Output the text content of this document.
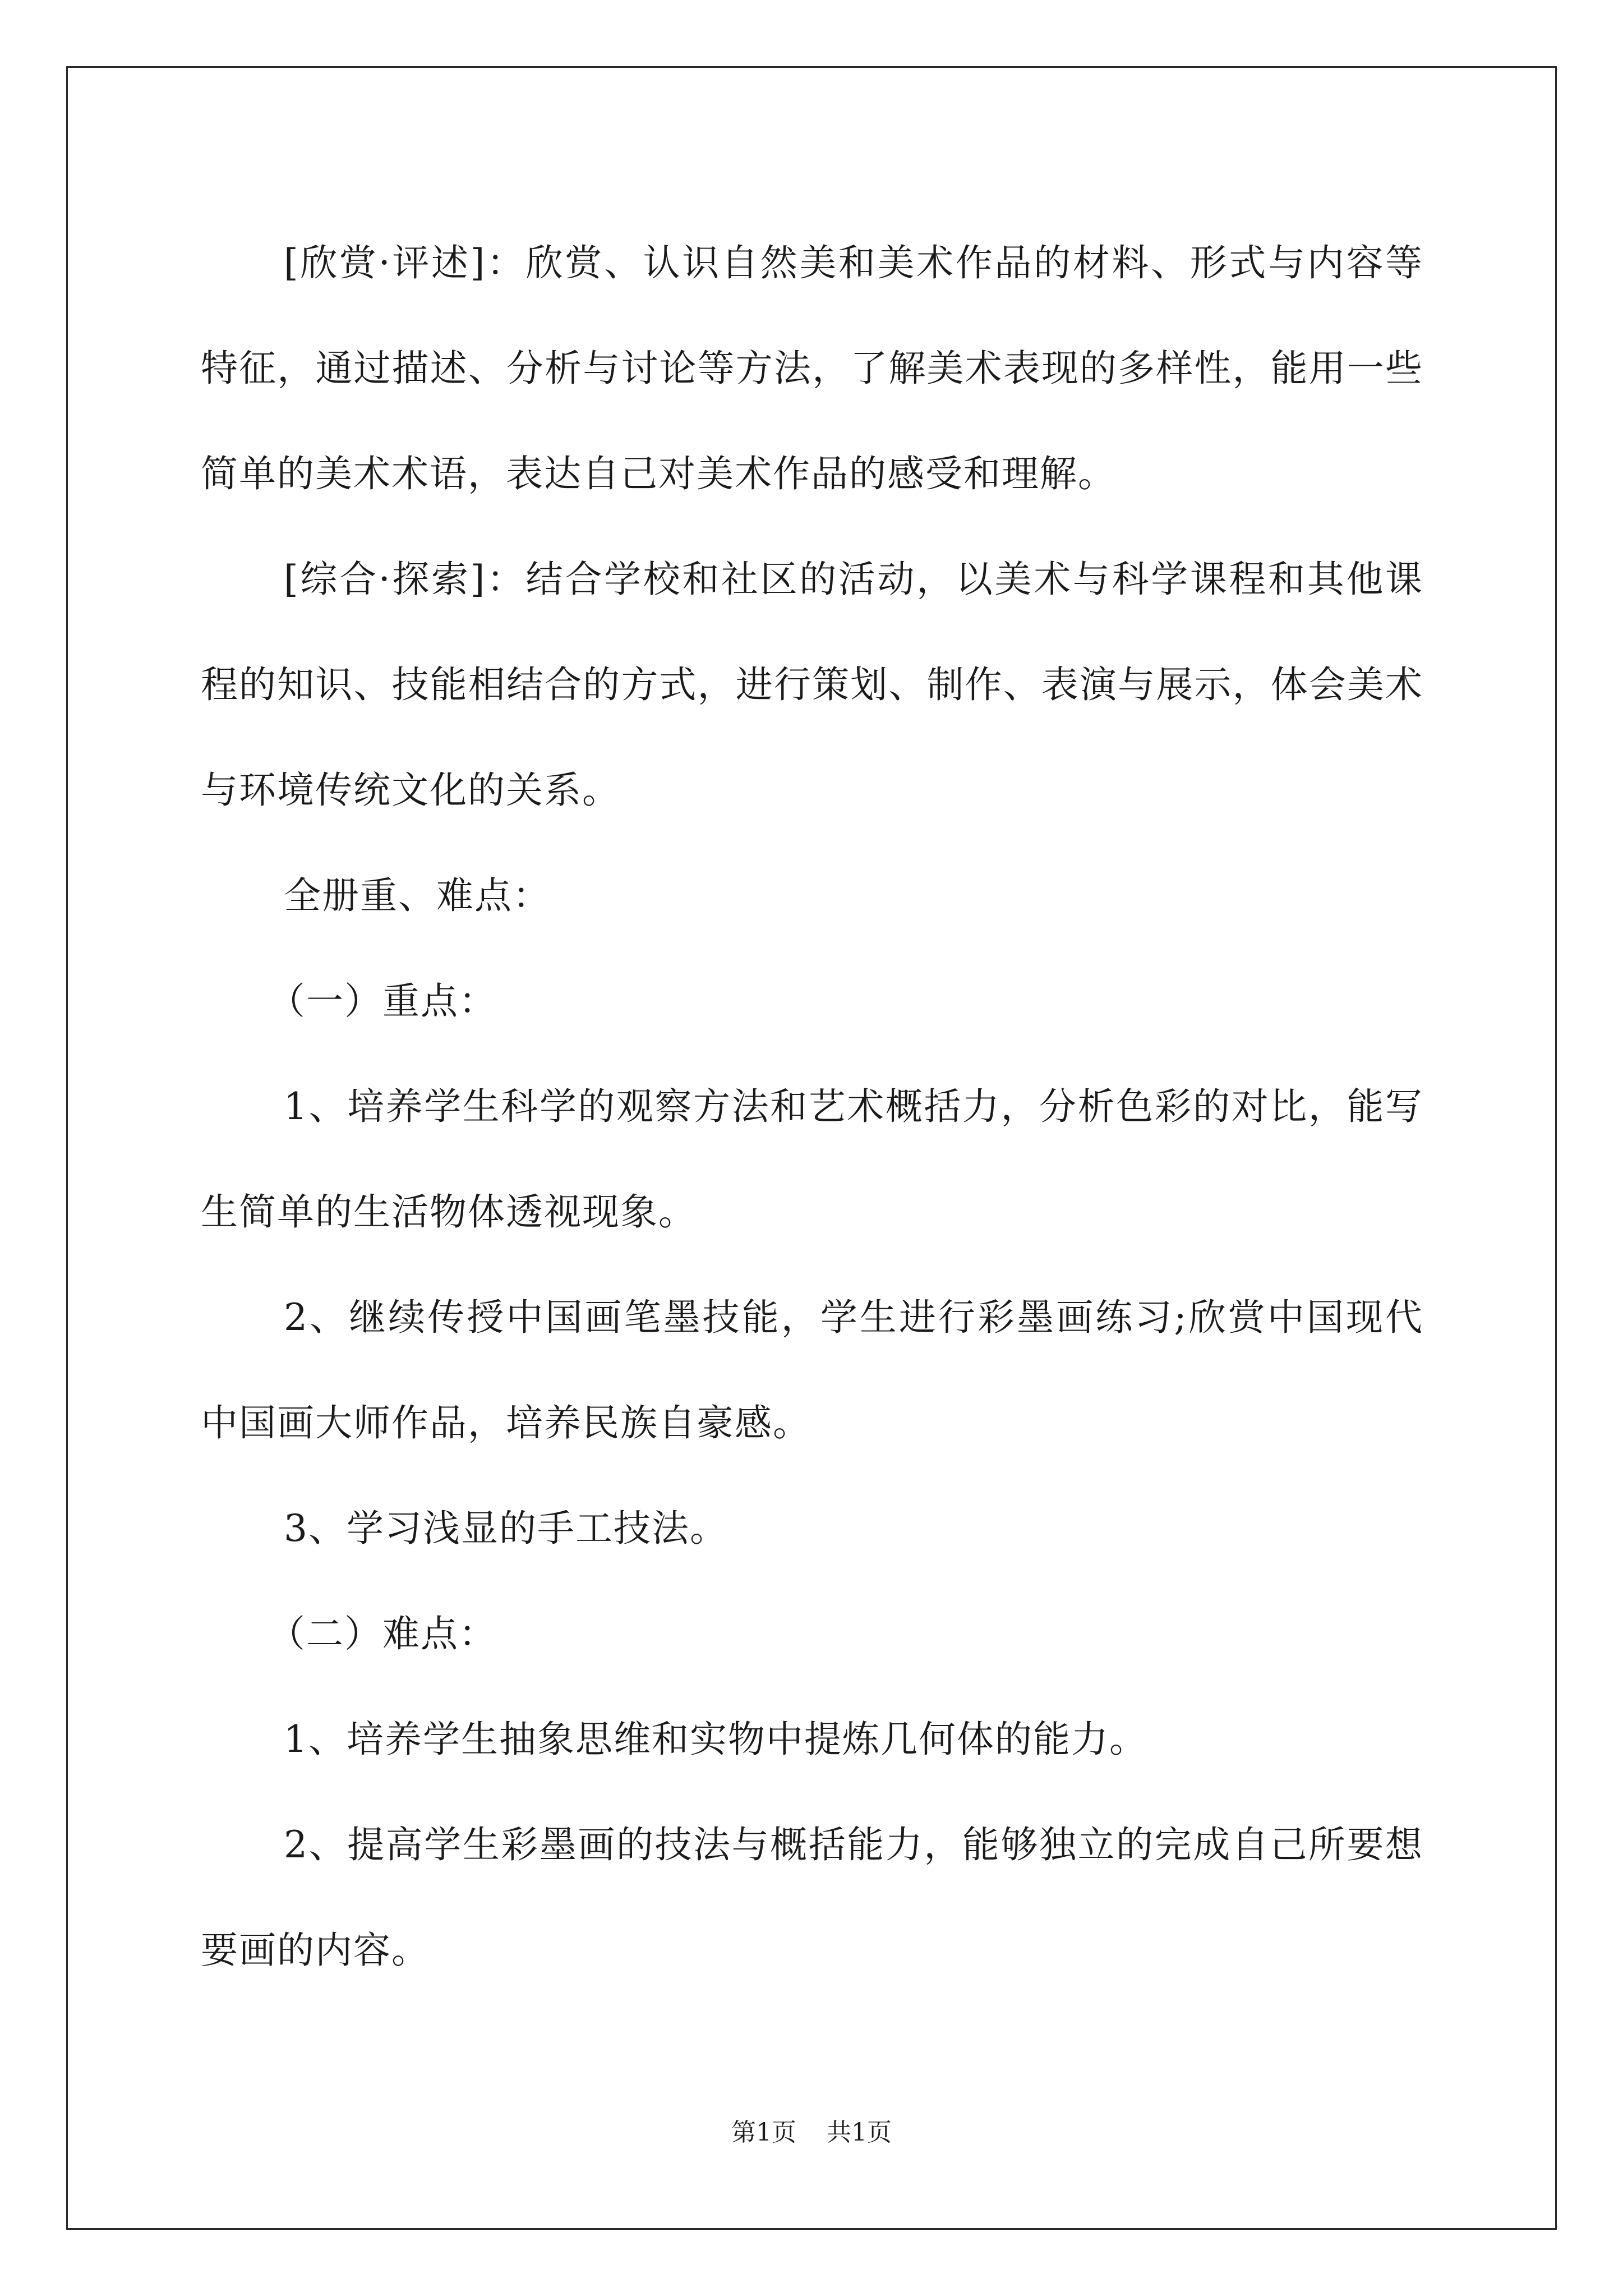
[欣赏·评述]：欣赏、认识自然美和美术作品的材料、形式与内容等特征，通过描述、分析与讨论等方法，了解美术表现的多样性，能用一些简单的美术术语，表达自己对美术作品的感受和理解。

[综合·探索]：结合学校和社区的活动，以美术与科学课程和其他课程的知识、技能相结合的方式，进行策划、制作、表演与展示，体会美术与环境传统文化的关系。

全册重、难点：

（一）重点：

1、培养学生科学的观察方法和艺术概括力，分析色彩的对比，能写生简单的生活物体透视现象。

2、继续传授中国画笔墨技能，学生进行彩墨画练习;欣赏中国现代中国画大师作品，培养民族自豪感。

3、学习浅显的手工技法。

（二）难点：

1、培养学生抽象思维和实物中提炼几何体的能力。

2、提高学生彩墨画的技法与概括能力，能够独立的完成自己所要想要画的内容。

第1页 共1页
